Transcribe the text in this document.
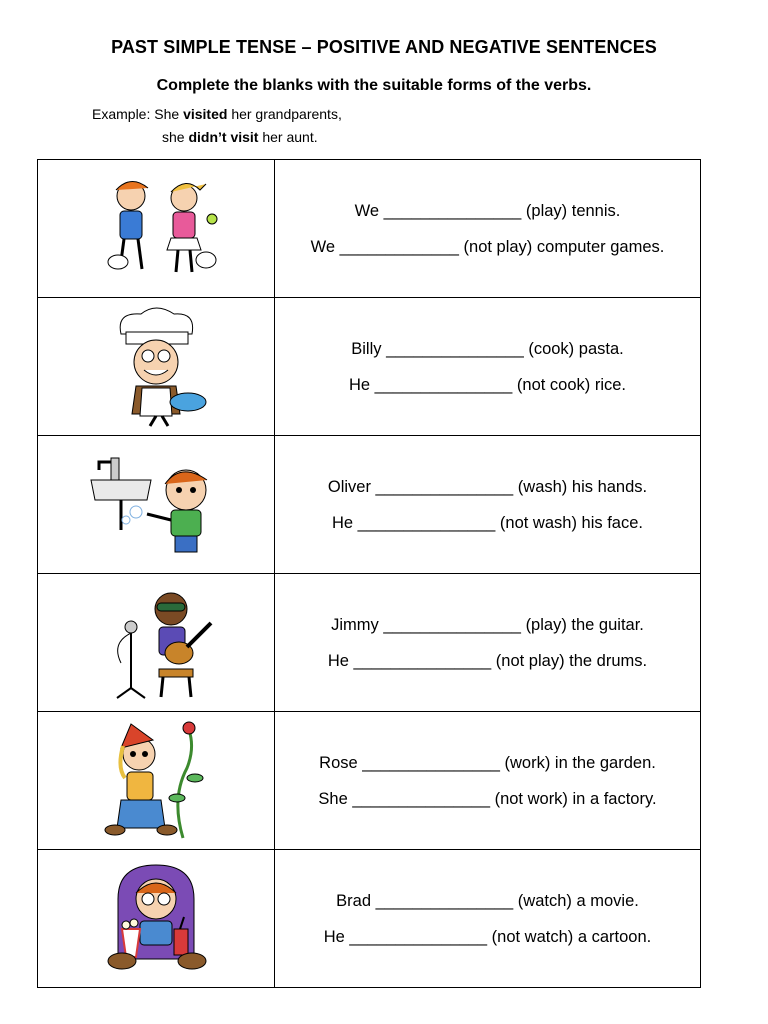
PAST SIMPLE TENSE – POSITIVE AND NEGATIVE SENTENCES
Complete the blanks with the suitable forms of the verbs.
Example: She visited her grandparents,
she didn’t visit her aunt.

We _______________ (play) tennis.
We _____________ (not play) computer games.

Billy _______________ (cook) pasta.
He _______________ (not cook) rice.

Oliver _______________ (wash) his hands.
He _______________ (not wash) his face.

Jimmy _______________ (play) the guitar.
He _______________ (not play) the drums.

Rose _______________ (work) in the garden.
She _______________ (not work) in a factory.

Brad _______________ (watch) a movie.
He _______________ (not watch) a cartoon.
